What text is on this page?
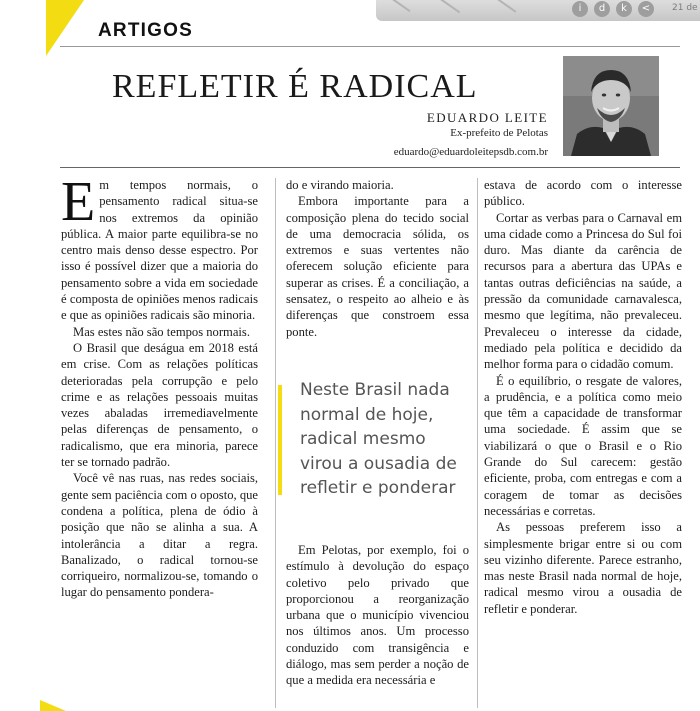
ARTIGOS
i	d	k	<	21 de
REFLETIR É RADICAL
EDUARDO LEITE
Ex-prefeito de Pelotas
eduardo@eduardoleitepsdb.com.br

Em tempos normais, o pensamento radical situa-se nos extremos da opinião pública. A maior parte equilibra-se no centro mais denso desse espectro. Por isso é possível dizer que a maioria do pensamento sobre a vida em sociedade é composta de opiniões menos radicais e que as opiniões radicais são minoria.

Mas estes não são tempos normais.

O Brasil que deságua em 2018 está em crise. Com as relações políticas deterioradas pela corrupção e pelo crime e as relações pessoais muitas vezes abaladas irremediavelmente pelas diferenças de pensamento, o radicalismo, que era minoria, parece ter se tornado padrão.

Você vê nas ruas, nas redes sociais, gente sem paciência com o oposto, que condena a política, plena de ódio à posição que não se alinha a sua. A intolerância a ditar a regra. Banalizado, o radical tornou-se corriqueiro, normalizou-se, tomando o lugar do pensamento pondera-

do e virando maioria.

Embora importante para a composição plena do tecido social de uma democracia sólida, os extremos e suas vertentes não oferecem solução eficiente para superar as crises. É a conciliação, a sensatez, o respeito ao alheio e às diferenças que constroem essa ponte.

Neste Brasil nada normal de hoje, radical mesmo virou a ousadia de refletir e ponderar

Em Pelotas, por exemplo, foi o estímulo à devolução do espaço coletivo pelo privado que proporcionou a reorganização urbana que o município vivenciou nos últimos anos. Um processo conduzido com transigência e diálogo, mas sem perder a noção de que a medida era necessária e

estava de acordo com o interesse público.

Cortar as verbas para o Carnaval em uma cidade como a Princesa do Sul foi duro. Mas diante da carência de recursos para a abertura das UPAs e tantas outras deficiências na saúde, a pressão da comunidade carnavalesca, mesmo que legítima, não prevaleceu. Prevaleceu o interesse da cidade, mediado pela política e decidido da melhor forma para o cidadão comum.

É o equilíbrio, o resgate de valores, a prudência, e a política como meio que têm a capacidade de transformar uma sociedade. É assim que se viabilizará o que o Brasil e o Rio Grande do Sul carecem: gestão eficiente, proba, com entregas e com a coragem de tomar as decisões necessárias e corretas.

As pessoas preferem isso a simplesmente brigar entre si ou com seu vizinho diferente. Parece estranho, mas neste Brasil nada normal de hoje, radical mesmo virou a ousadia de refletir e ponderar.
